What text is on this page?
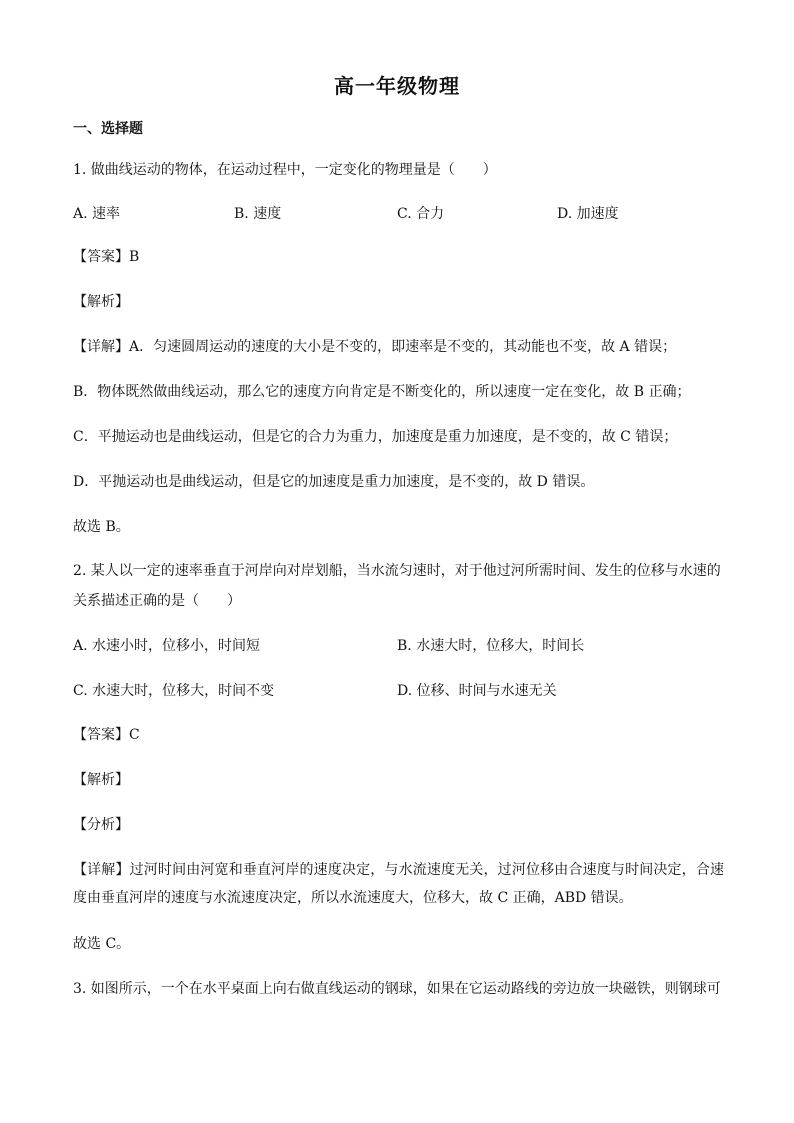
高一年级物理
一、选择题
1. 做曲线运动的物体，在运动过程中，一定变化的物理量是（　　）
A. 速率	B. 速度	C. 合力	D. 加速度
【答案】B
【解析】
【详解】A．匀速圆周运动的速度的大小是不变的，即速率是不变的，其动能也不变，故 A 错误；
B．物体既然做曲线运动，那么它的速度方向肯定是不断变化的，所以速度一定在变化，故 B 正确；
C．平抛运动也是曲线运动，但是它的合力为重力，加速度是重力加速度，是不变的，故 C 错误；
D．平抛运动也是曲线运动，但是它的加速度是重力加速度，是不变的，故 D 错误。
故选 B。
2. 某人以一定的速率垂直于河岸向对岸划船，当水流匀速时，对于他过河所需时间、发生的位移与水速的
关系描述正确的是（　　）
A. 水速小时，位移小，时间短	B. 水速大时，位移大，时间长
C. 水速大时，位移大，时间不变	D. 位移、时间与水速无关
【答案】C
【解析】
【分析】
【详解】过河时间由河宽和垂直河岸的速度决定，与水流速度无关，过河位移由合速度与时间决定，合速度由垂直河岸的速度与水流速度决定，所以水流速度大，位移大，故 C 正确，ABD 错误。
故选 C。
3. 如图所示，一个在水平桌面上向右做直线运动的钢球，如果在它运动路线的旁边放一块磁铁，则钢球可
